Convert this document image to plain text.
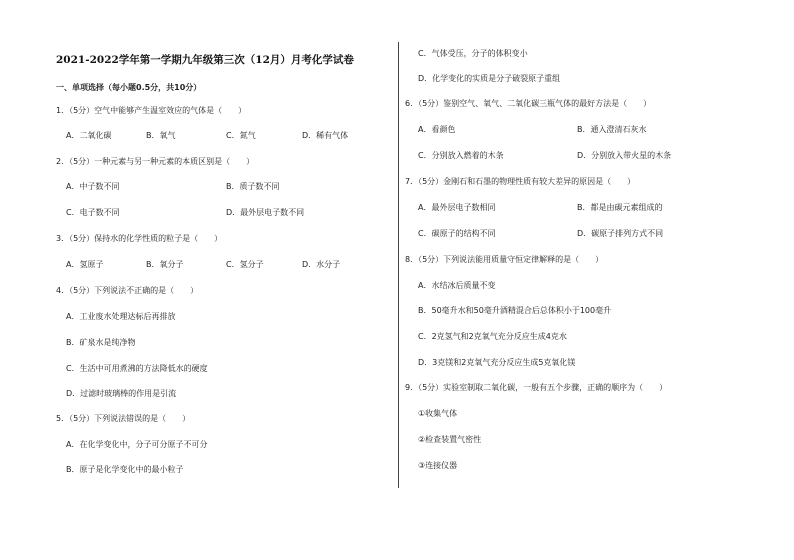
2021-2022学年第一学期九年级第三次（12月）月考化学试卷
一、单项选择（每小题0.5分，共10分）
1．（5分）空气中能够产生温室效应的气体是（　　）
A．二氧化碳	B．氧气	C．氮气	D．稀有气体
2．（5分）一种元素与另一种元素的本质区别是（　　）
A．中子数不同	B．质子数不同
C．电子数不同	D．最外层电子数不同
3．（5分）保持水的化学性质的粒子是（　　）
A．氢原子	B．氧分子	C．氢分子	D．水分子
4．（5分）下列说法不正确的是（　　）
A．工业废水处理达标后再排放
B．矿泉水是纯净物
C．生活中可用煮沸的方法降低水的硬度
D．过滤时玻璃棒的作用是引流
5．（5分）下列说法错误的是（　　）
A．在化学变化中，分子可分原子不可分
B．原子是化学变化中的最小粒子
C．气体受压，分子的体积变小
D．化学变化的实质是分子破裂原子重组
6．（5分）鉴别空气、氧气、二氧化碳三瓶气体的最好方法是（　　）
A．看颜色	B．通入澄清石灰水
C．分别放入燃着的木条	D．分别放入带火星的木条
7．（5分）金刚石和石墨的物理性质有较大差异的原因是（　　）
A．最外层电子数相同	B．都是由碳元素组成的
C．碳原子的结构不同	D．碳原子排列方式不同
8．（5分）下列说法能用质量守恒定律解释的是（　　）
A．水结冰后质量不变
B．50毫升水和50毫升酒精混合后总体积小于100毫升
C．2克氢气和2克氧气充分反应生成4克水
D．3克镁和2克氧气充分反应生成5克氧化镁
9．（5分）实验室制取二氧化碳，一般有五个步骤，正确的顺序为（　　）
①收集气体
②检查装置气密性
③连接仪器
